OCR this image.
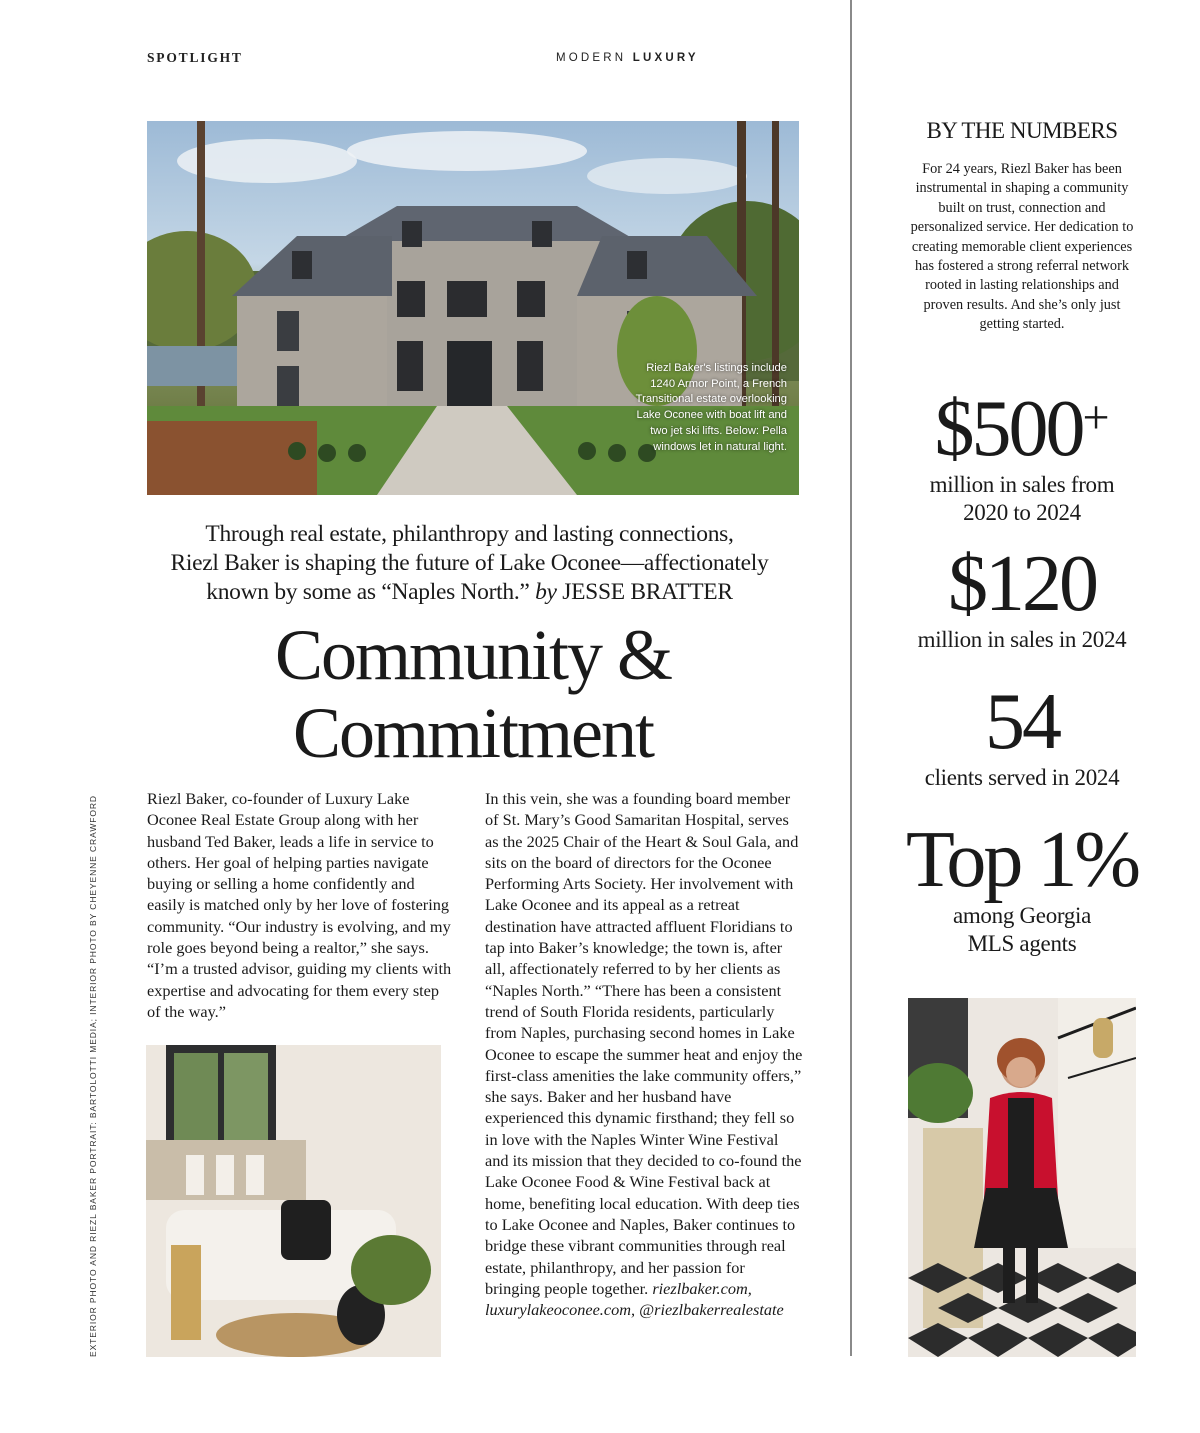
SPOTLIGHT	MODERN LUXURY
Riezl Baker's listings include 1240 Armor Point, a French Transitional estate overlooking Lake Oconee with boat lift and two jet ski lifts. Below: Pella windows let in natural light.
Through real estate, philanthropy and lasting connections,
Riezl Baker is shaping the future of Lake Oconee—affectionately
known by some as “Naples North.” by JESSE BRATTER
Community &
Commitment
Riezl Baker, co-founder of Luxury Lake Oconee Real Estate Group along with her husband Ted Baker, leads a life in service to others. Her goal of helping parties navigate buying or selling a home confidently and easily is matched only by her love of fostering community. “Our industry is evolving, and my role goes beyond being a realtor,” she says. “I’m a trusted advisor, guiding my clients with expertise and advocating for them every step of the way.”
In this vein, she was a founding board member of St. Mary’s Good Samaritan Hospital, serves as the 2025 Chair of the Heart & Soul Gala, and sits on the board of directors for the Oconee Performing Arts Society. Her involvement with Lake Oconee and its appeal as a retreat destination have attracted affluent Floridians to tap into Baker’s knowledge; the town is, after all, affectionately referred to by her clients as “Naples North.” “There has been a consistent trend of South Florida residents, particularly from Naples, purchasing second homes in Lake Oconee to escape the summer heat and enjoy the first-class amenities the lake community offers,” she says. Baker and her husband have experienced this dynamic firsthand; they fell so in love with the Naples Winter Wine Festival and its mission that they decided to co-found the Lake Oconee Food & Wine Festival back at home, benefiting local education. With deep ties to Lake Oconee and Naples, Baker continues to bridge these vibrant communities through real estate, philanthropy, and her passion for bringing people together. riezlbaker.com, luxurylakeoconee.com, @riezlbakerrealestate
EXTERIOR PHOTO AND RIEZL BAKER PORTRAIT: BARTOLOTTI MEDIA; INTERIOR PHOTO BY CHEYENNE CRAWFORD
BY THE NUMBERS
For 24 years, Riezl Baker has been instrumental in shaping a community built on trust, connection and personalized service. Her dedication to creating memorable client experiences has fostered a strong referral network rooted in lasting relationships and proven results. And she’s only just getting started.
$500+
million in sales from 2020 to 2024
$120
million in sales in 2024
54
clients served in 2024
Top 1%
among Georgia MLS agents
